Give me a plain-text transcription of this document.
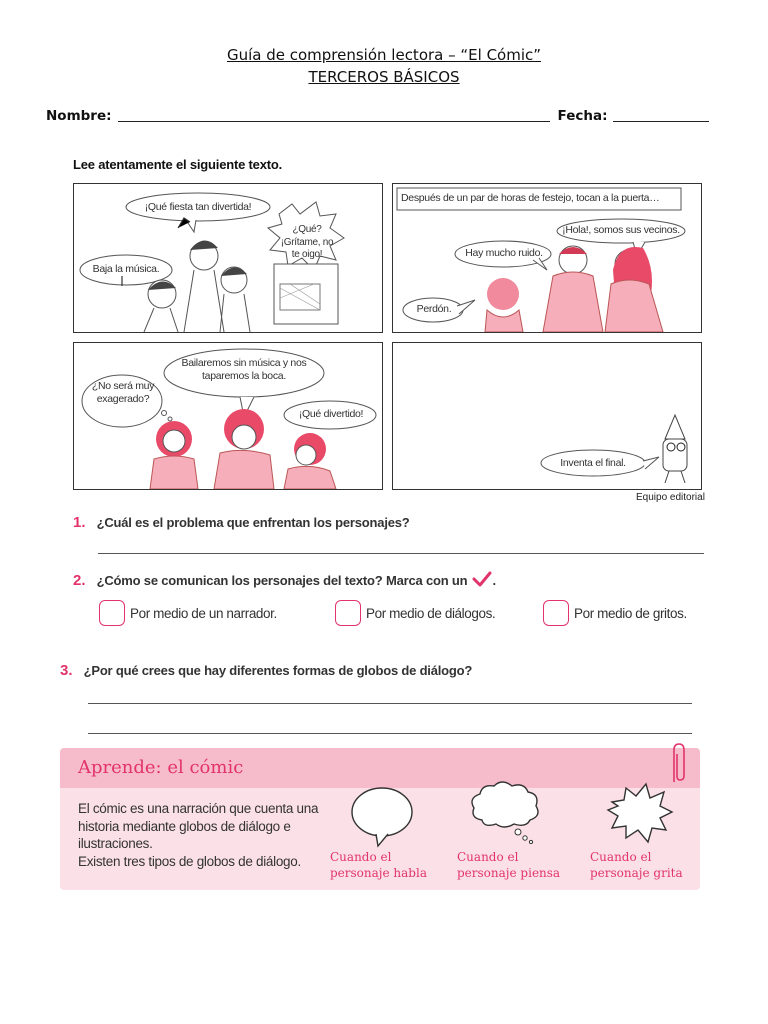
Guía de comprensión lectora – “El Cómic”
TERCEROS BÁSICOS
Nombre:	Fecha:
Lee atentamente el siguiente texto.
¡Qué fiesta tan divertida!
¿Qué? ¡Grítame, no te oigo!
Baja la música.
Después de un par de horas de festejo, tocan a la puerta…
¡Hola!, somos sus vecinos.
Hay mucho ruido.
Perdón.
¿No será muy exagerado?
Bailaremos sin música y nos taparemos la boca.
¡Qué divertido!
Inventa el final.
Equipo editorial
1. ¿Cuál es el problema que enfrentan los personajes?
2. ¿Cómo se comunican los personajes del texto? Marca con un .
Por medio de un narrador.	Por medio de diálogos.	Por medio de gritos.
3. ¿Por qué crees que hay diferentes formas de globos de diálogo?
Aprende: el cómic
El cómic es una narración que cuenta una historia mediante globos de diálogo e ilustraciones.
Existen tres tipos de globos de diálogo.	Cuando el
personaje habla
Cuando el
personaje piensa
Cuando el
personaje grita
